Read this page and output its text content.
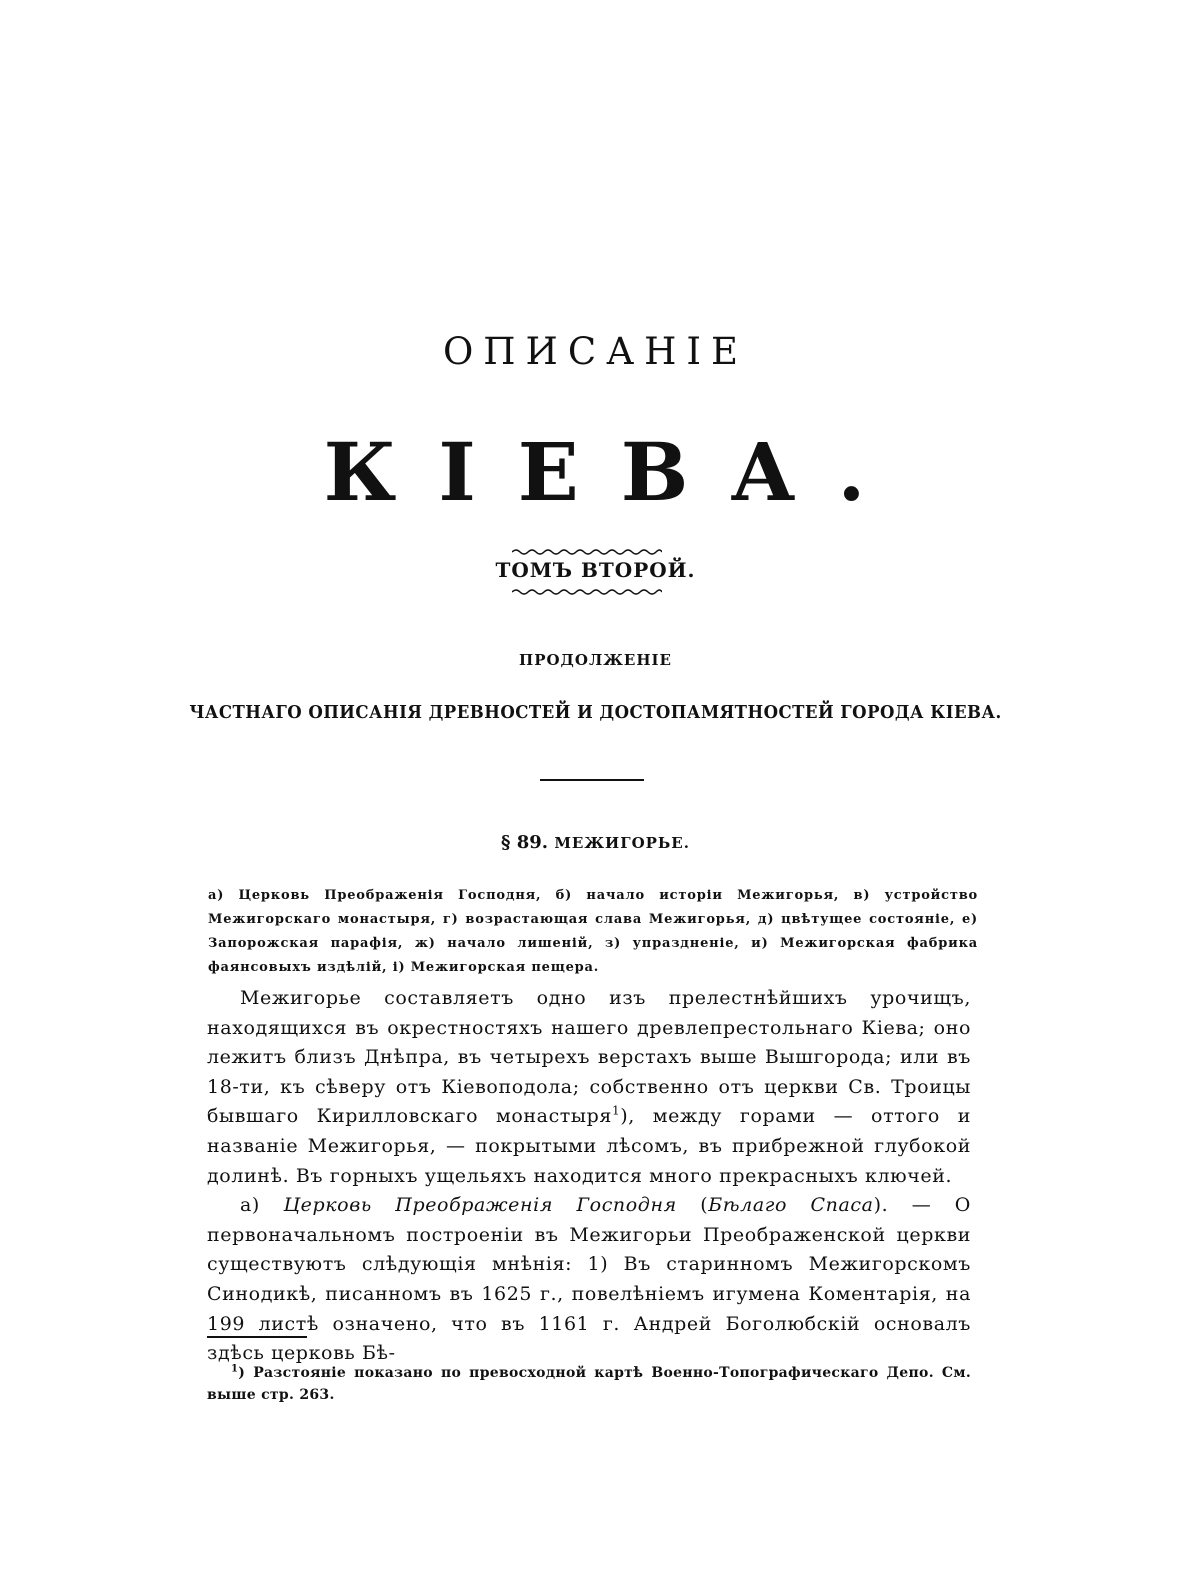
ОПИСАНІЕ
КІЕВА.
ТОМЪ ВТОРОЙ.
ПРОДОЛЖЕНІЕ
ЧАСТНАГО ОПИСАНІЯ ДРЕВНОСТЕЙ И ДОСТОПАМЯТНОСТЕЙ ГОРОДА КІЕВА.
§ 89. МЕЖИГОРЬЕ.
а) Церковь Преображенія Господня, б) начало исторіи Межигорья, в) устройство Межигорскаго монастыря, г) возрастающая слава Межигорья, д) цвѣтущее состояніе, е) Запорожская парафія, ж) начало лишеній, з) упраздненіе, и) Межигорская фабрика фаянсовыхъ издѣлій, і) Межигорская пещера.

Межигорье составляетъ одно изъ прелестнѣйшихъ урочищъ, находящихся въ окрестностяхъ нашего древлепрестольнаго Кіева; оно лежитъ близъ Днѣпра, въ четырехъ верстахъ выше Вышгорода; или въ 18-ти, къ сѣверу отъ Кіевоподола; собственно отъ церкви Св. Троицы бывшаго Кирилловскаго монастыря$^1$), между горами — оттого и названіе Межигорья, — покрытыми лѣсомъ, въ прибрежной глубокой долинѣ. Въ горныхъ ущельяхъ находится много прекрасныхъ ключей.

а) Церковь Преображенія Господня (Бѣлаго Спаса). — О первоначальномъ построеніи въ Межигорьи Преображенской церкви существуютъ слѣдующія мнѣнія: 1) Въ старинномъ Межигорскомъ Синодикѣ, писанномъ въ 1625 г., повелѣніемъ игумена Коментарія, на 199 листѣ означено, что въ 1161 г. Андрей Боголюбскій основалъ здѣсь церковь Бѣ-

$^1$) Разстояніе показано по превосходной картѣ Военно-Топографическаго Депо. См. выше стр. 263.
